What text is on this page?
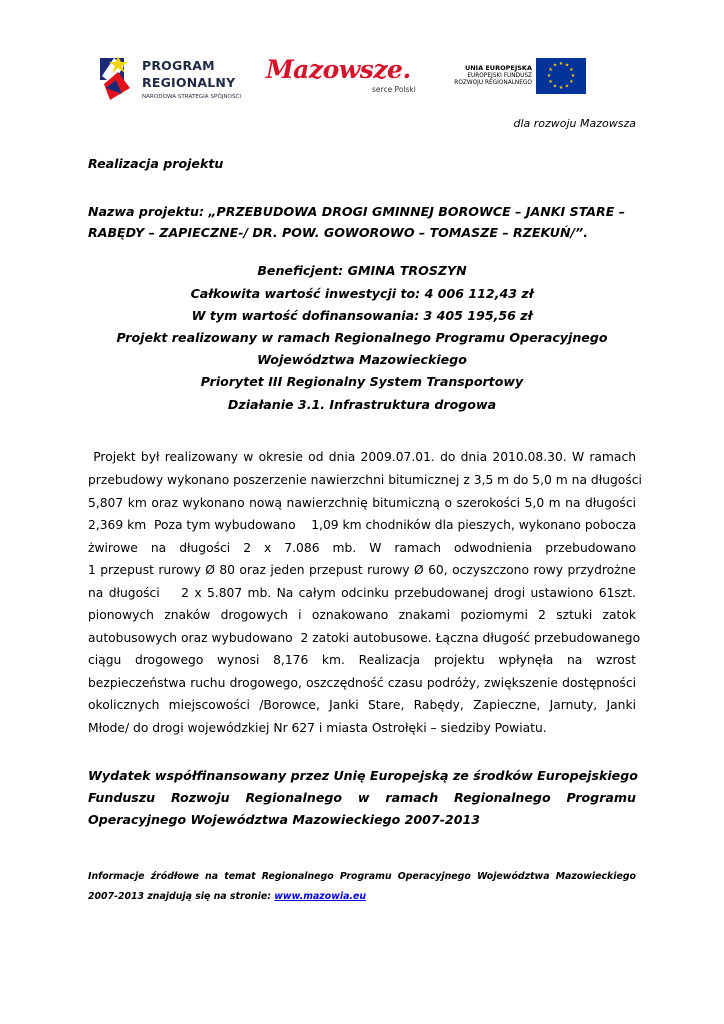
PROGRAM
REGIONALNY
NARODOWA STRATEGIA SPÓJNOŚCI
Mazowsze.
serce Polski
UNIA EUROPEJSKA
EUROPEJSKI FUNDUSZ
ROZWOJU REGIONALNEGO
★ ★
★
★
★
★
★
★
★
★
★
★
dla rozwoju Mazowsza
Realizacja projektu
Nazwa projektu: „PRZEBUDOWA DROGI GMINNEJ BOROWCE – JANKI STARE –
RABĘDY – ZAPIECZNE-/ DR. POW. GOWOROWO – TOMASZE – RZEKUŃ/”.
Beneficjent: GMINA TROSZYN
Całkowita wartość inwestycji to: 4 006 112,43 zł
W tym wartość dofinansowania: 3 405 195,56 zł
Projekt realizowany w ramach Regionalnego Programu Operacyjnego
Województwa Mazowieckiego
Priorytet III Regionalny System Transportowy
Działanie 3.1. Infrastruktura drogowa
Projekt był realizowany w okresie od dnia 2009.07.01. do dnia 2010.08.30. W ramach
przebudowy wykonano poszerzenie nawierzchni bitumicznej z 3,5 m do 5,0 m na długości
5,807 km oraz wykonano nową nawierzchnię bitumiczną o szerokości 5,0 m na długości
2,369 km  Poza tym wybudowano    1,09 km chodników dla pieszych, wykonano pobocza
żwirowe na długości 2 x 7.086 mb. W ramach odwodnienia przebudowano
1 przepust rurowy Ø 80 oraz jeden przepust rurowy Ø 60, oczyszczono rowy przydrożne
na długości    2 x 5.807 mb. Na całym odcinku przebudowanej drogi ustawiono 61szt.
pionowych znaków drogowych i oznakowano znakami poziomymi 2 sztuki zatok
autobusowych oraz wybudowano  2 zatoki autobusowe. Łączna długość przebudowanego
ciągu drogowego wynosi 8,176 km. Realizacja projektu wpłynęła na wzrost
bezpieczeństwa ruchu drogowego, oszczędność czasu podróży, zwiększenie dostępności
okolicznych miejscowości /Borowce, Janki Stare, Rabędy, Zapieczne, Jarnuty, Janki
Młode/ do drogi wojewódzkiej Nr 627 i miasta Ostrołęki – siedziby Powiatu.
Wydatek współfinansowany przez Unię Europejską ze środków Europejskiego
Funduszu Rozwoju Regionalnego w ramach Regionalnego Programu
Operacyjnego Województwa Mazowieckiego 2007-2013
Informacje źródłowe na temat Regionalnego Programu Operacyjnego Województwa Mazowieckiego
2007-2013 znajdują się na stronie: www.mazowia.eu
